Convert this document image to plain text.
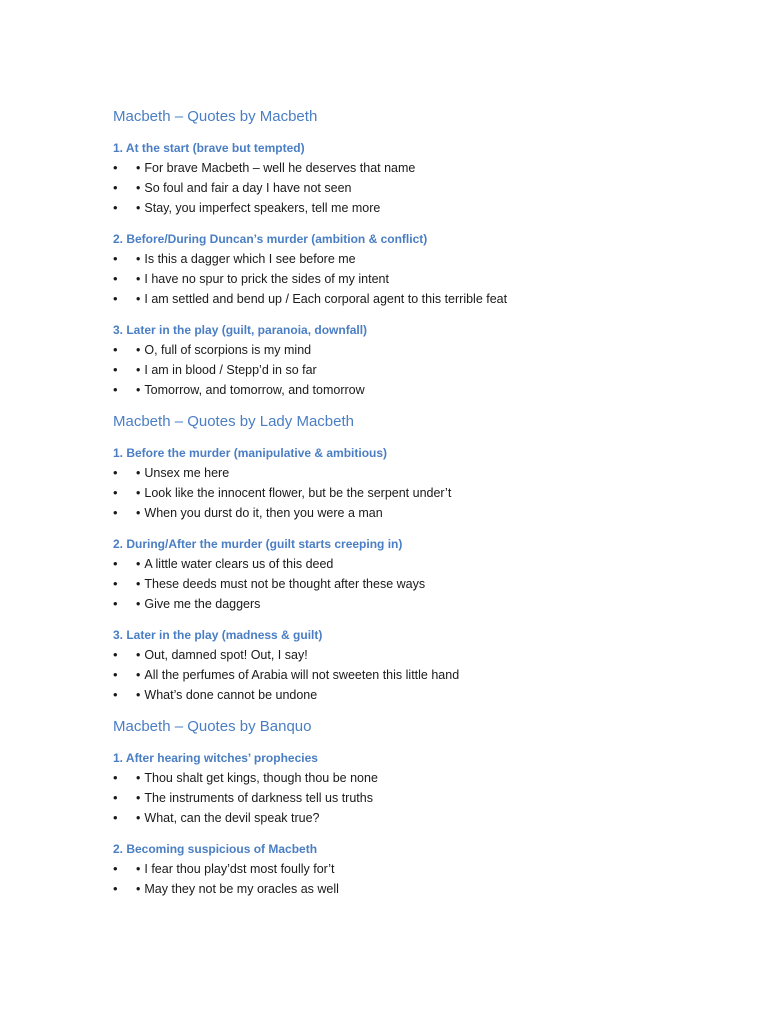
Macbeth – Quotes by Macbeth
1. At the start (brave but tempted)
• • For brave Macbeth – well he deserves that name
• • So foul and fair a day I have not seen
• • Stay, you imperfect speakers, tell me more
2. Before/During Duncan’s murder (ambition & conflict)
• • Is this a dagger which I see before me
• • I have no spur to prick the sides of my intent
• • I am settled and bend up / Each corporal agent to this terrible feat
3. Later in the play (guilt, paranoia, downfall)
• • O, full of scorpions is my mind
• • I am in blood / Stepp’d in so far
• • Tomorrow, and tomorrow, and tomorrow
Macbeth – Quotes by Lady Macbeth
1. Before the murder (manipulative & ambitious)
• • Unsex me here
• • Look like the innocent flower, but be the serpent under’t
• • When you durst do it, then you were a man
2. During/After the murder (guilt starts creeping in)
• • A little water clears us of this deed
• • These deeds must not be thought after these ways
• • Give me the daggers
3. Later in the play (madness & guilt)
• • Out, damned spot! Out, I say!
• • All the perfumes of Arabia will not sweeten this little hand
• • What’s done cannot be undone
Macbeth – Quotes by Banquo
1. After hearing witches’ prophecies
• • Thou shalt get kings, though thou be none
• • The instruments of darkness tell us truths
• • What, can the devil speak true?
2. Becoming suspicious of Macbeth
• • I fear thou play’dst most foully for’t
• • May they not be my oracles as well
